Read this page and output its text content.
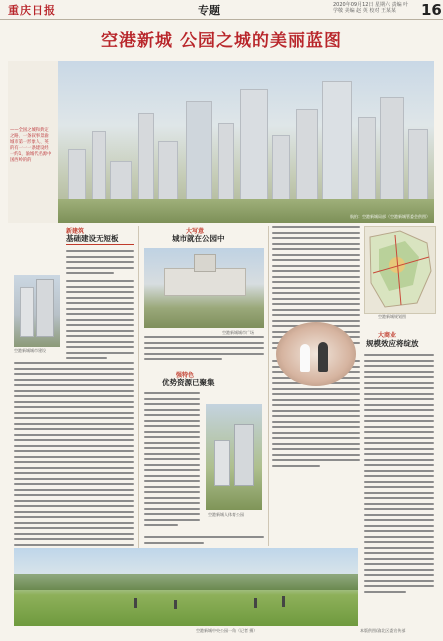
重庆日报	专题	2020年09月12日 星期六 责编 叶学敬 美编 赵 英 校对 王某某	16
空港新城 公园之城的美丽蓝图
——全国之城和典定之路、一条叙事景渝城市第一形象人、英的有一一一条建设经一约1，渝城代名源中国西岭的的
航拍：空港新城局部（空港新城管委会供图）
新建筑
基础建设无短板
空港新城城市建设
大写意
城市就在公园中
空港新城城市广场
强特色
优势资源已聚集
空港新城人体育公园
空港新城规划图
大商业
规模效应将绽放
空港新城中央公园一角（记者 摄）	本版供图/渝北区委宣传部
